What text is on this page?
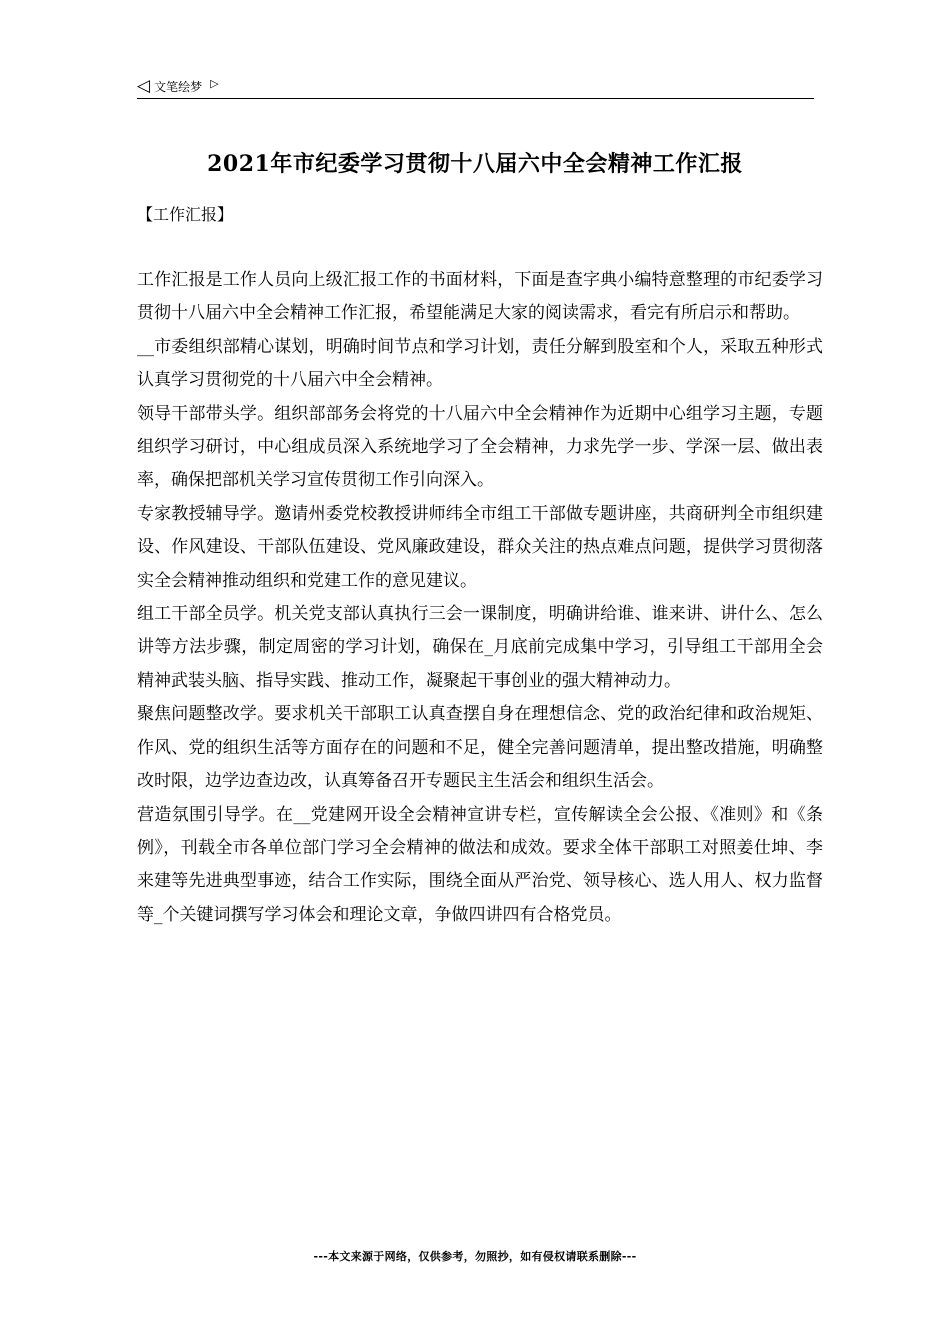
◁ 文笔绘梦 ▷
2021年市纪委学习贯彻十八届六中全会精神工作汇报
【工作汇报】

工作汇报是工作人员向上级汇报工作的书面材料，下面是查字典小编特意整理的市纪委学习贯彻十八届六中全会精神工作汇报，希望能满足大家的阅读需求，看完有所启示和帮助。

__市委组织部精心谋划，明确时间节点和学习计划，责任分解到股室和个人，采取五种形式认真学习贯彻党的十八届六中全会精神。

领导干部带头学。组织部部务会将党的十八届六中全会精神作为近期中心组学习主题，专题组织学习研讨，中心组成员深入系统地学习了全会精神，力求先学一步、学深一层、做出表率，确保把部机关学习宣传贯彻工作引向深入。

专家教授辅导学。邀请州委党校教授讲师纬全市组工干部做专题讲座，共商研判全市组织建设、作风建设、干部队伍建设、党风廉政建设，群众关注的热点难点问题，提供学习贯彻落实全会精神推动组织和党建工作的意见建议。

组工干部全员学。机关党支部认真执行三会一课制度，明确讲给谁、谁来讲、讲什么、怎么讲等方法步骤，制定周密的学习计划，确保在_月底前完成集中学习，引导组工干部用全会精神武装头脑、指导实践、推动工作，凝聚起干事创业的强大精神动力。

聚焦问题整改学。要求机关干部职工认真查摆自身在理想信念、党的政治纪律和政治规矩、作风、党的组织生活等方面存在的问题和不足，健全完善问题清单，提出整改措施，明确整改时限，边学边查边改，认真筹备召开专题民主生活会和组织生活会。

营造氛围引导学。在__党建网开设全会精神宣讲专栏，宣传解读全会公报、《准则》和《条例》，刊载全市各单位部门学习全会精神的做法和成效。要求全体干部职工对照姜仕坤、李来建等先进典型事迹，结合工作实际，围绕全面从严治党、领导核心、选人用人、权力监督等_个关键词撰写学习体会和理论文章，争做四讲四有合格党员。

---本文来源于网络，仅供参考，勿照抄，如有侵权请联系删除---
